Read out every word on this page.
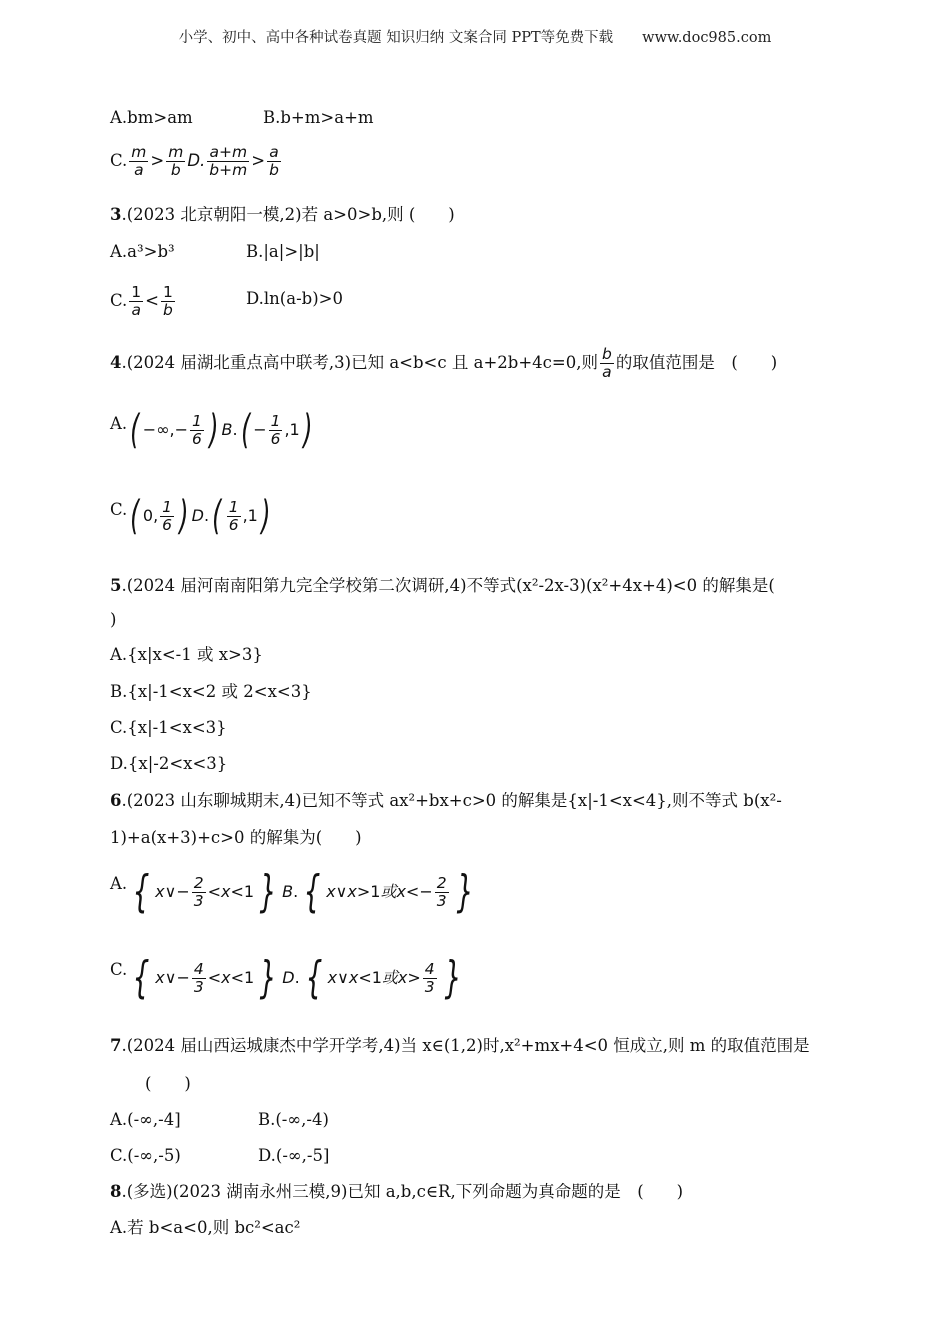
小学、初中、高中各种试卷真题 知识归纳 文案合同 PPT等免费下载　　www.doc985.com
A.bm>am	B.b+m>a+m
C. $\frac{m}{a} > \frac{m}{b} D$. $\frac{a+m}{b+m} > \frac{a}{b}$
3.(2023 北京朝阳一模,2)若 a>0>b,则 (　　)
A.a³>b³	B.|a|>|b|
C. $\frac{1}{a} < \frac{1}{b}$	D.ln(a-b)>0
4.(2024 届湖北重点高中联考,3)已知 a<b<c 且 a+2b+4c=0,则 $\frac{b}{a}$ 的取值范围是　(　　)
A. ( −∞,− $\frac{1}{6}$ ) B . ( − $\frac{1}{6} ,1$ )
C. ( 0, $\frac{1}{6}$ ) D . ( $\frac{1}{6} ,1$ )
5.(2024 届河南南阳第九完全学校第二次调研,4)不等式(x²-2x-3)(x²+4x+4)<0 的解集是(
)
A.{x|x<-1 或 x>3}
B.{x|-1<x<2 或 2<x<3}
C.{x|-1<x<3}
D.{x|-2<x<3}
6.(2023 山东聊城期末,4)已知不等式 ax²+bx+c>0 的解集是{x|-1<x<4},则不等式 b(x²-
1)+a(x+3)+c>0 的解集为(　　)
A. { x ∨− $\frac{2}{3} < x <1$ } B . { x ∨ x >1 或$x <- \frac{2}{3}$ }
C. { x ∨− $\frac{4}{3} < x <1$ } D . { x ∨ x <1 或$x > \frac{4}{3}$ }
7.(2024 届山西运城康杰中学开学考,4)当 x∈(1,2)时,x²+mx+4<0 恒成立,则 m 的取值范围是
(　　)
A.(-∞,-4]	B.(-∞,-4)
C.(-∞,-5)	D.(-∞,-5]
8.(多选)(2023 湖南永州三模,9)已知 a,b,c∈R,下列命题为真命题的是　(　　)
A.若 b<a<0,则 bc²<ac²
